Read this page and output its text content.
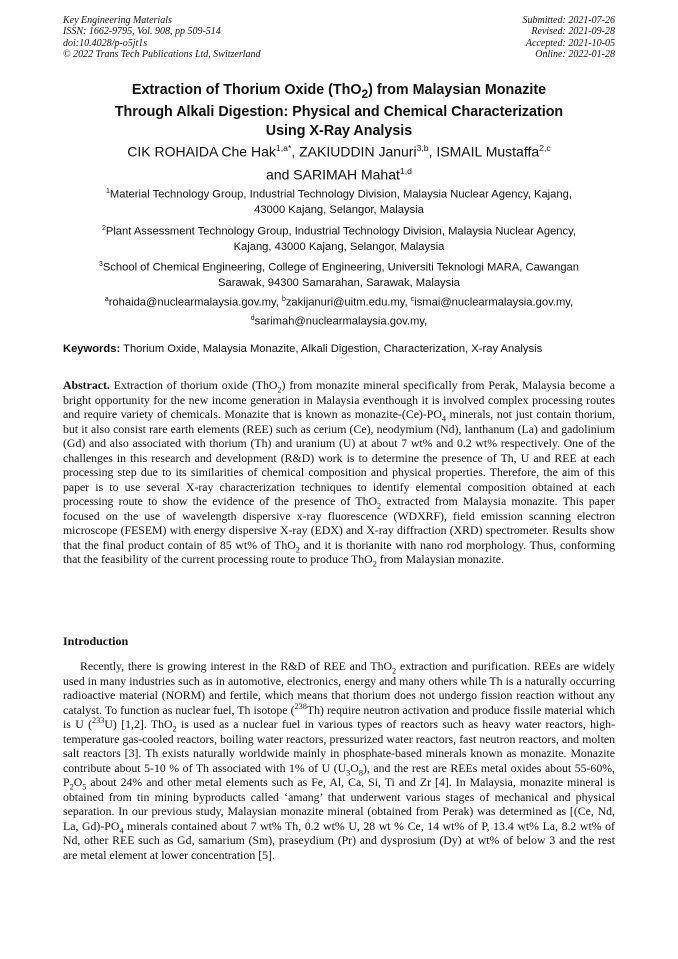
Key Engineering Materials
ISSN: 1662-9795, Vol. 908, pp 509-514
doi:10.4028/p-o5jt1s
© 2022 Trans Tech Publications Ltd, Switzerland
Submitted: 2021-07-26
Revised: 2021-09-28
Accepted: 2021-10-05
Online: 2022-01-28
Extraction of Thorium Oxide (ThO$_2$) from Malaysian Monazite
Through Alkali Digestion: Physical and Chemical Characterization
Using X-Ray Analysis
CIK ROHAIDA Che Hak$^{1,a*}$, ZAKIUDDIN Januri$^{3,b}$, ISMAIL Mustaffa$^{2,c}$
and SARIMAH Mahat$^{1,d}$
$^1$Material Technology Group, Industrial Technology Division, Malaysia Nuclear Agency, Kajang,
43000 Kajang, Selangor, Malaysia
$^2$Plant Assessment Technology Group, Industrial Technology Division, Malaysia Nuclear Agency,
Kajang, 43000 Kajang, Selangor, Malaysia
$^3$School of Chemical Engineering, College of Engineering, Universiti Teknologi MARA, Cawangan
Sarawak, 94300 Samarahan, Sarawak, Malaysia
$^a$rohaida@nuclearmalaysia.gov.my, $^b$zakijanuri@uitm.edu.my, $^c$ismai@nuclearmalaysia.gov.my,
$^d$sarimah@nuclearmalaysia.gov.my,
Keywords: Thorium Oxide, Malaysia Monazite, Alkali Digestion, Characterization, X-ray Analysis
Abstract. Extraction of thorium oxide (ThO$_2$) from monazite mineral specifically from Perak, Malaysia become a bright opportunity for the new income generation in Malaysia eventhough it is involved complex processing routes and require variety of chemicals. Monazite that is known as monazite-$(Ce)-PO_4$ minerals, not just contain thorium, but it also consist rare earth elements (REE) such as cerium (Ce), neodymium (Nd), lanthanum (La) and gadolinium (Gd) and also associated with thorium (Th) and uranium (U) at about 7 wt% and 0.2 wt% respectively. One of the challenges in this research and development (R&D) work is to determine the presence of Th, U and REE at each processing step due to its similarities of chemical composition and physical properties. Therefore, the aim of this paper is to use several X-ray characterization techniques to identify elemental composition obtained at each processing route to show the evidence of the presence of ThO$_2$ extracted from Malaysia monazite. This paper focused on the use of wavelength dispersive x-ray fluorescence (WDXRF), field emission scanning electron microscope (FESEM) with energy dispersive X-ray (EDX) and X-ray diffraction (XRD) spectrometer. Results show that the final product contain of 85 wt% of ThO$_2$ and it is thorianite with nano rod morphology. Thus, conforming that the feasibility of the current processing route to produce ThO$_2$ from Malaysian monazite.
Introduction
Recently, there is growing interest in the R&D of REE and ThO$_2$ extraction and purification. REEs are widely used in many industries such as in automotive, electronics, energy and many others while Th is a naturally occurring radioactive material (NORM) and fertile, which means that thorium does not undergo fission reaction without any catalyst. To function as nuclear fuel, Th isotope ($^{238}$Th) require neutron activation and produce fissile material which is U ($^{233}$U) [1,2]. ThO$_2$ is used as a nuclear fuel in various types of reactors such as heavy water reactors, high-temperature gas-cooled reactors, boiling water reactors, pressurized water reactors, fast neutron reactors, and molten salt reactors [3]. Th exists naturally worldwide mainly in phosphate-based minerals known as monazite. Monazite contribute about 5-10 % of Th associated with 1% of U $(U_3O_8)$, and the rest are REEs metal oxides about 55-60%, $P_2O_5$ about 24% and other metal elements such as Fe, Al, Ca, Si, Ti and Zr [4]. In Malaysia, monazite mineral is obtained from tin mining byproducts called ‘amang’ that underwent various stages of mechanical and physical separation. In our previous study, Malaysian monazite mineral (obtained from Perak) was determined as [(Ce, Nd, La, $Gd)-PO_4$ minerals contained about 7 wt% Th, 0.2 wt% U, 28 wt % Ce, 14 wt% of P, 13.4 wt% La, 8.2 wt% of Nd, other REE such as Gd, samarium (Sm), praseydium (Pr) and dysprosium (Dy) at wt% of below 3 and the rest are metal element at lower concentration [5].
